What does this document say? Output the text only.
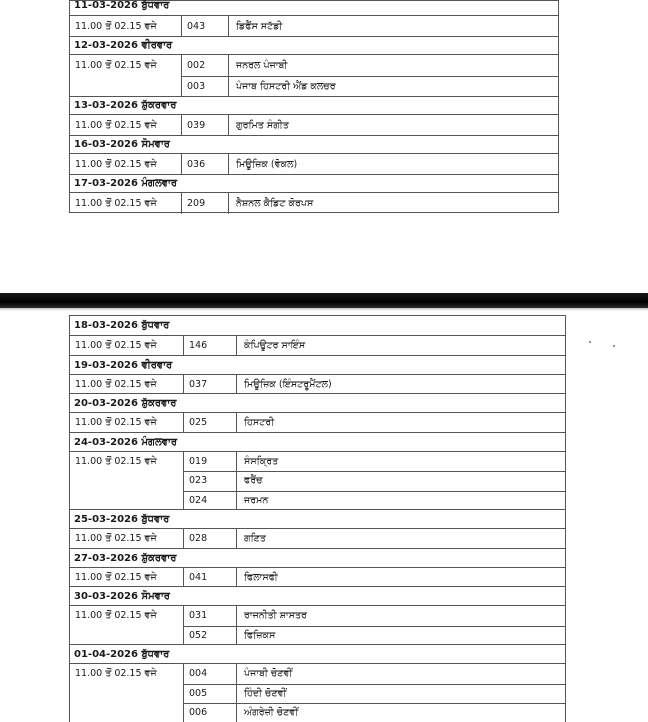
11-03-2026 ਬੁੱਧਵਾਰ
11.00 ਤੋਂ 02.15 ਵਜੇ	043	ਡਿਫੈਂਸ ਸਟੱਡੀ
12-03-2026 ਵੀਰਵਾਰ
11.00 ਤੋਂ 02.15 ਵਜੇ	002	ਜਨਰਲ ਪੰਜਾਬੀ
003	ਪੰਜਾਬ ਹਿਸਟਰੀ ਐਂਡ ਕਲਚਰ
13-03-2026 ਸ਼ੁੱਕਰਵਾਰ
11.00 ਤੋਂ 02.15 ਵਜੇ	039	ਗੁਰਮਿਤ ਸੰਗੀਤ
16-03-2026 ਸੋਮਵਾਰ
11.00 ਤੋਂ 02.15 ਵਜੇ	036	ਮਿਊਜ਼ਿਕ (ਵੋਕਲ)
17-03-2026 ਮੰਗਲਵਾਰ
11.00 ਤੋਂ 02.15 ਵਜੇ	209	ਨੈਸ਼ਨਲ ਕੈਡਿਟ ਕੋਰਪਸ
18-03-2026 ਬੁੱਧਵਾਰ
11.00 ਤੋਂ 02.15 ਵਜੇ	146	ਕੰਪਿਊਟਰ ਸਾਇੰਸ
19-03-2026 ਵੀਰਵਾਰ
11.00 ਤੋਂ 02.15 ਵਜੇ	037	ਮਿਊਜ਼ਿਕ (ਇੰਸਟਰੂਮੈਂਟਲ)
20-03-2026 ਸ਼ੁੱਕਰਵਾਰ
11.00 ਤੋਂ 02.15 ਵਜੇ	025	ਹਿਸਟਰੀ
24-03-2026 ਮੰਗਲਵਾਰ
11.00 ਤੋਂ 02.15 ਵਜੇ	019	ਸੰਸਕ੍ਰਿਤ
023	ਫਰੈਂਚ
024	ਜਰਮਨ
25-03-2026 ਬੁੱਧਵਾਰ
11.00 ਤੋਂ 02.15 ਵਜੇ	028	ਗਣਿਤ
27-03-2026 ਸ਼ੁੱਕਰਵਾਰ
11.00 ਤੋਂ 02.15 ਵਜੇ	041	ਫਿਲਾਸਫੀ
30-03-2026 ਸੋਮਵਾਰ
11.00 ਤੋਂ 02.15 ਵਜੇ	031	ਰਾਜਨੀਤੀ ਸ਼ਾਸਤਰ
052	ਫਿਜ਼ਿਕਸ
01-04-2026 ਬੁੱਧਵਾਰ
11.00 ਤੋਂ 02.15 ਵਜੇ	004	ਪੰਜਾਬੀ ਚੋਣਵੀਂ
005	ਹਿੰਦੀ ਚੋਣਵੀਂ
006	ਅੰਗਰੇਜ਼ੀ ਚੋਣਵੀਂ
